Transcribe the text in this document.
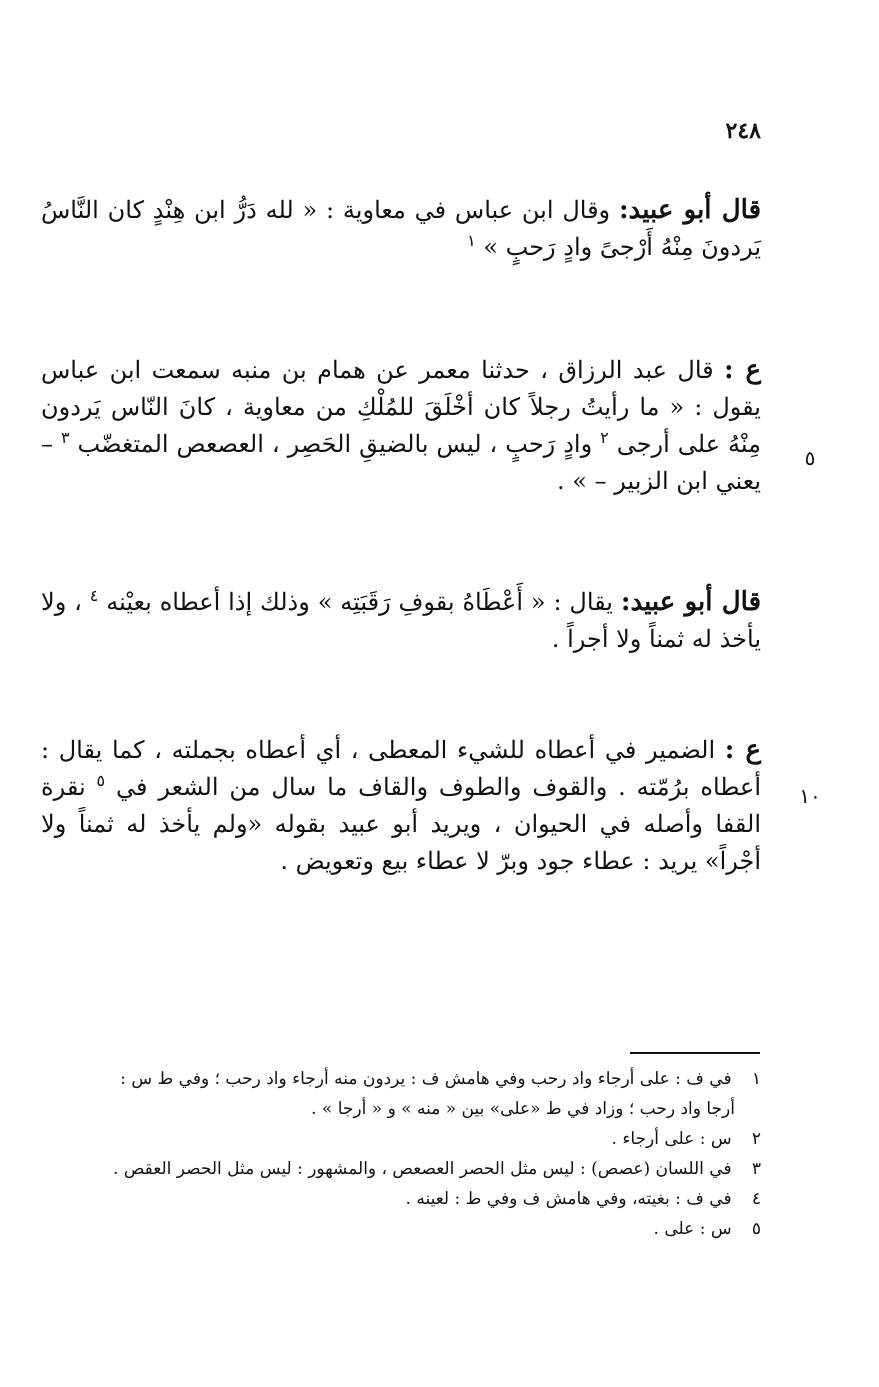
٢٤٨
قال أبو عبيد: وقال ابن عباس في معاوية : « لله دَرُّ ابن هِنْدٍ كان النَّاسُ يَردونَ مِنْهُ أَرْجىً وادٍ رَحبٍ » $^١$
ع : قال عبد الرزاق ، حدثنا معمر عن همام بن منبه سمعت ابن عباس يقول : « ما رأيتُ رجلاً كان أخْلَقَ للمُلْكِ من معاوية ، كانَ النّاس يَردون مِنْهُ على أرجى $^٢$ وادٍ رَحبٍ ، ليس بالضيقِ الحَصِر ، العصعص المتغضّب $^٣$ – يعني ابن الزبير – » .
٥
قال أبو عبيد: يقال : « أَعْطَاهُ بقوفِ رَقَبَتِه » وذلك إذا أعطاه بعيْنه $^٤$ ، ولا يأخذ له ثمناً ولا أجراً .
ع : الضمير في أعطاه للشيء المعطى ، أي أعطاه بجملته ، كما يقال : أعطاه برُمّته . والقوف والطوف والقاف ما سال من الشعر في $^٥$ نقرة القفا وأصله في الحيوان ، ويريد أبو عبيد بقوله «ولم يأخذ له ثمناً ولا أجْراً» يريد : عطاء جود وبرّ لا عطاء بيع وتعويض .
١٠
١ في ف : على أرجاء واد رحب وفي هامش ف : يردون منه أرجاء واد رحب ؛ وفي ط س :
أرجا واد رحب ؛ وزاد في ط «على» بين « منه » و « أرجا » .
٢ س : على أرجاء .
٣ في اللسان (عصص) : ليس مثل الحصر العصعص ، والمشهور : ليس مثل الحصر العقص .
٤ في ف : بغيته، وفي هامش ف وفي ط : لعينه .
٥ س : على .
